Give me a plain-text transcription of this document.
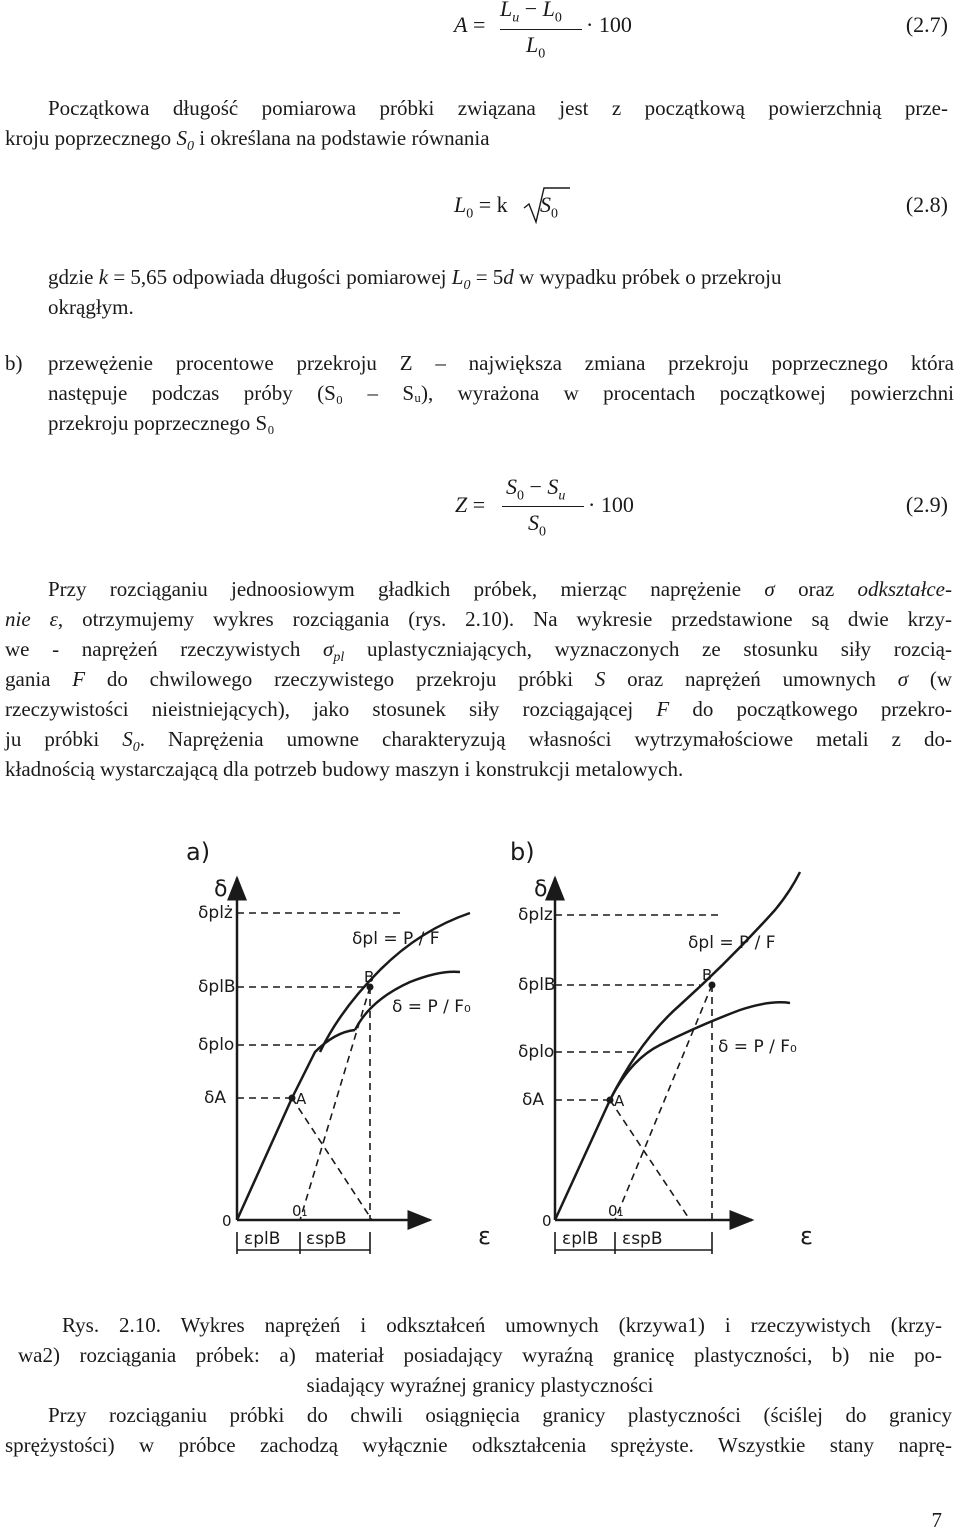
A =
$L_u - L_0$
$L_0$
· 100	(2.7)
Początkowa długość pomiarowa próbki związana jest z początkową powierzchnią prze-
kroju poprzecznego $S_0$ i określana na podstawie równania
$L_0 = k$ $S_0$	(2.8)
gdzie k = 5,65 odpowiada długości pomiarowej $L_0 = 5d$ w wypadku próbek o przekroju
okrągłym.
b) przewężenie procentowe przekroju Z – największa zmiana przekroju poprzecznego która
następuje podczas próby (S₀ – Sᵤ), wyrażona w procentach początkowej powierzchni
przekroju poprzecznego S₀
Z =
$S_0 - S_u$
$S_0$
· 100	(2.9)
Przy rozciąganiu jednoosiowym gładkich próbek, mierząc naprężenie σ oraz odkształce-
nie ε, otrzymujemy wykres rozciągania (rys. 2.10). Na wykresie przedstawione są dwie krzy-
we - naprężeń rzeczywistych $\sigma_{pl}$ uplastyczniających, wyznaczonych ze stosunku siły rozcią-
gania F do chwilowego rzeczywistego przekroju próbki S oraz naprężeń umownych σ (w
rzeczywistości nieistniejących), jako stosunek siły rozciągającej F do początkowego przekro-
ju próbki $S_0$. Naprężenia umowne charakteryzują własności wytrzymałościowe metali z do-
kładnością wystarczającą dla potrzeb budowy maszyn i konstrukcji metalowych.
a)
δ
δplż
δplB
δplo
δA	A
B
δpl = P / F
δ = P / F₀
0
0₁
εplB εspB	ε
b)
δ
δplz
δplB
δplo
δA	A
B
δpl = P / F
δ = P / F₀
0
0₁
εplB εspB	ε
Rys. 2.10. Wykres naprężeń i odkształceń umownych (krzywa1) i rzeczywistych (krzy-
wa2) rozciągania próbek: a) materiał posiadający wyraźną granicę plastyczności, b) nie po-
siadający wyraźnej granicy plastyczności
Przy rozciąganiu próbki do chwili osiągnięcia granicy plastyczności (ściślej do granicy
sprężystości) w próbce zachodzą wyłącznie odkształcenia sprężyste. Wszystkie stany naprę-
7
